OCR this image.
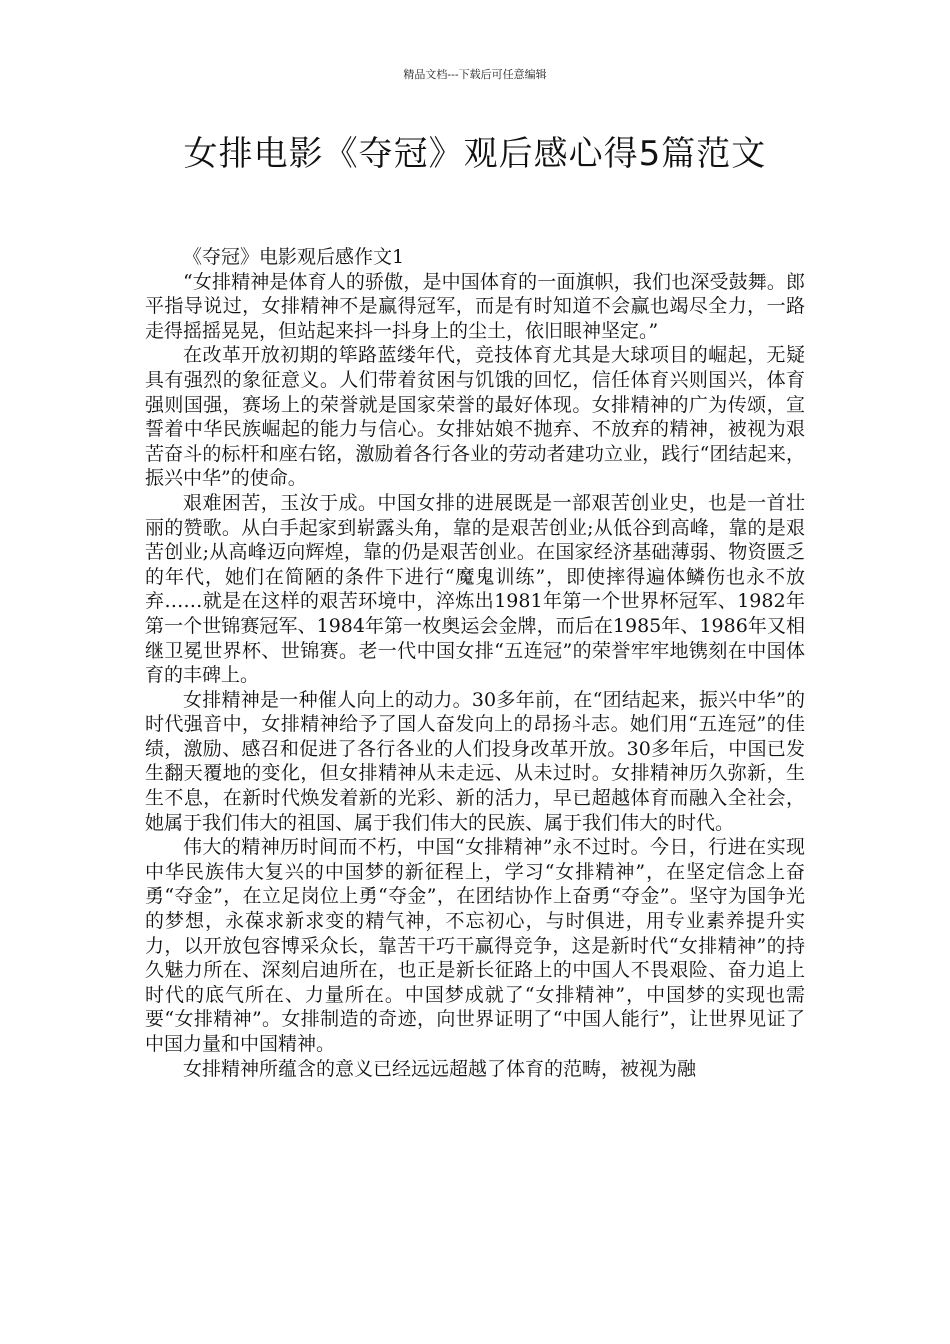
精品文档---下载后可任意编辑
女排电影《夺冠》观后感心得5篇范文

《夺冠》电影观后感作文1

“女排精神是体育人的骄傲，是中国体育的一面旗帜，我们也深受鼓舞。郎平指导说过，女排精神不是赢得冠军，而是有时知道不会赢也竭尽全力，一路走得摇摇晃晃，但站起来抖一抖身上的尘土，依旧眼神坚定。”

在改革开放初期的筚路蓝缕年代，竞技体育尤其是大球项目的崛起，无疑具有强烈的象征意义。人们带着贫困与饥饿的回忆，信任体育兴则国兴，体育强则国强，赛场上的荣誉就是国家荣誉的最好体现。女排精神的广为传颂，宣誓着中华民族崛起的能力与信心。女排姑娘不抛弃、不放弃的精神，被视为艰苦奋斗的标杆和座右铭，激励着各行各业的劳动者建功立业，践行“团结起来，振兴中华”的使命。

艰难困苦，玉汝于成。中国女排的进展既是一部艰苦创业史，也是一首壮丽的赞歌。从白手起家到崭露头角，靠的是艰苦创业;从低谷到高峰，靠的是艰苦创业;从高峰迈向辉煌，靠的仍是艰苦创业。在国家经济基础薄弱、物资匮乏的年代，她们在简陋的条件下进行“魔鬼训练”，即使摔得遍体鳞伤也永不放弃……就是在这样的艰苦环境中，淬炼出1981年第一个世界杯冠军、1982年第一个世锦赛冠军、1984年第一枚奥运会金牌，而后在1985年、1986年又相继卫冕世界杯、世锦赛。老一代中国女排“五连冠”的荣誉牢牢地镌刻在中国体育的丰碑上。

女排精神是一种催人向上的动力。30多年前，在“团结起来，振兴中华”的时代强音中，女排精神给予了国人奋发向上的昂扬斗志。她们用“五连冠”的佳绩，激励、感召和促进了各行各业的人们投身改革开放。30多年后，中国已发生翻天覆地的变化，但女排精神从未走远、从未过时。女排精神历久弥新，生生不息，在新时代焕发着新的光彩、新的活力，早已超越体育而融入全社会，她属于我们伟大的祖国、属于我们伟大的民族、属于我们伟大的时代。

伟大的精神历时间而不朽，中国“女排精神”永不过时。今日，行进在实现中华民族伟大复兴的中国梦的新征程上，学习“女排精神”，在坚定信念上奋勇“夺金”，在立足岗位上勇“夺金”，在团结协作上奋勇“夺金”。坚守为国争光的梦想，永葆求新求变的精气神，不忘初心，与时俱进，用专业素养提升实力，以开放包容博采众长，靠苦干巧干赢得竞争，这是新时代“女排精神”的持久魅力所在、深刻启迪所在，也正是新长征路上的中国人不畏艰险、奋力追上时代的底气所在、力量所在。中国梦成就了“女排精神”，中国梦的实现也需要“女排精神”。女排制造的奇迹，向世界证明了“中国人能行”，让世界见证了中国力量和中国精神。

女排精神所蕴含的意义已经远远超越了体育的范畴，被视为融
